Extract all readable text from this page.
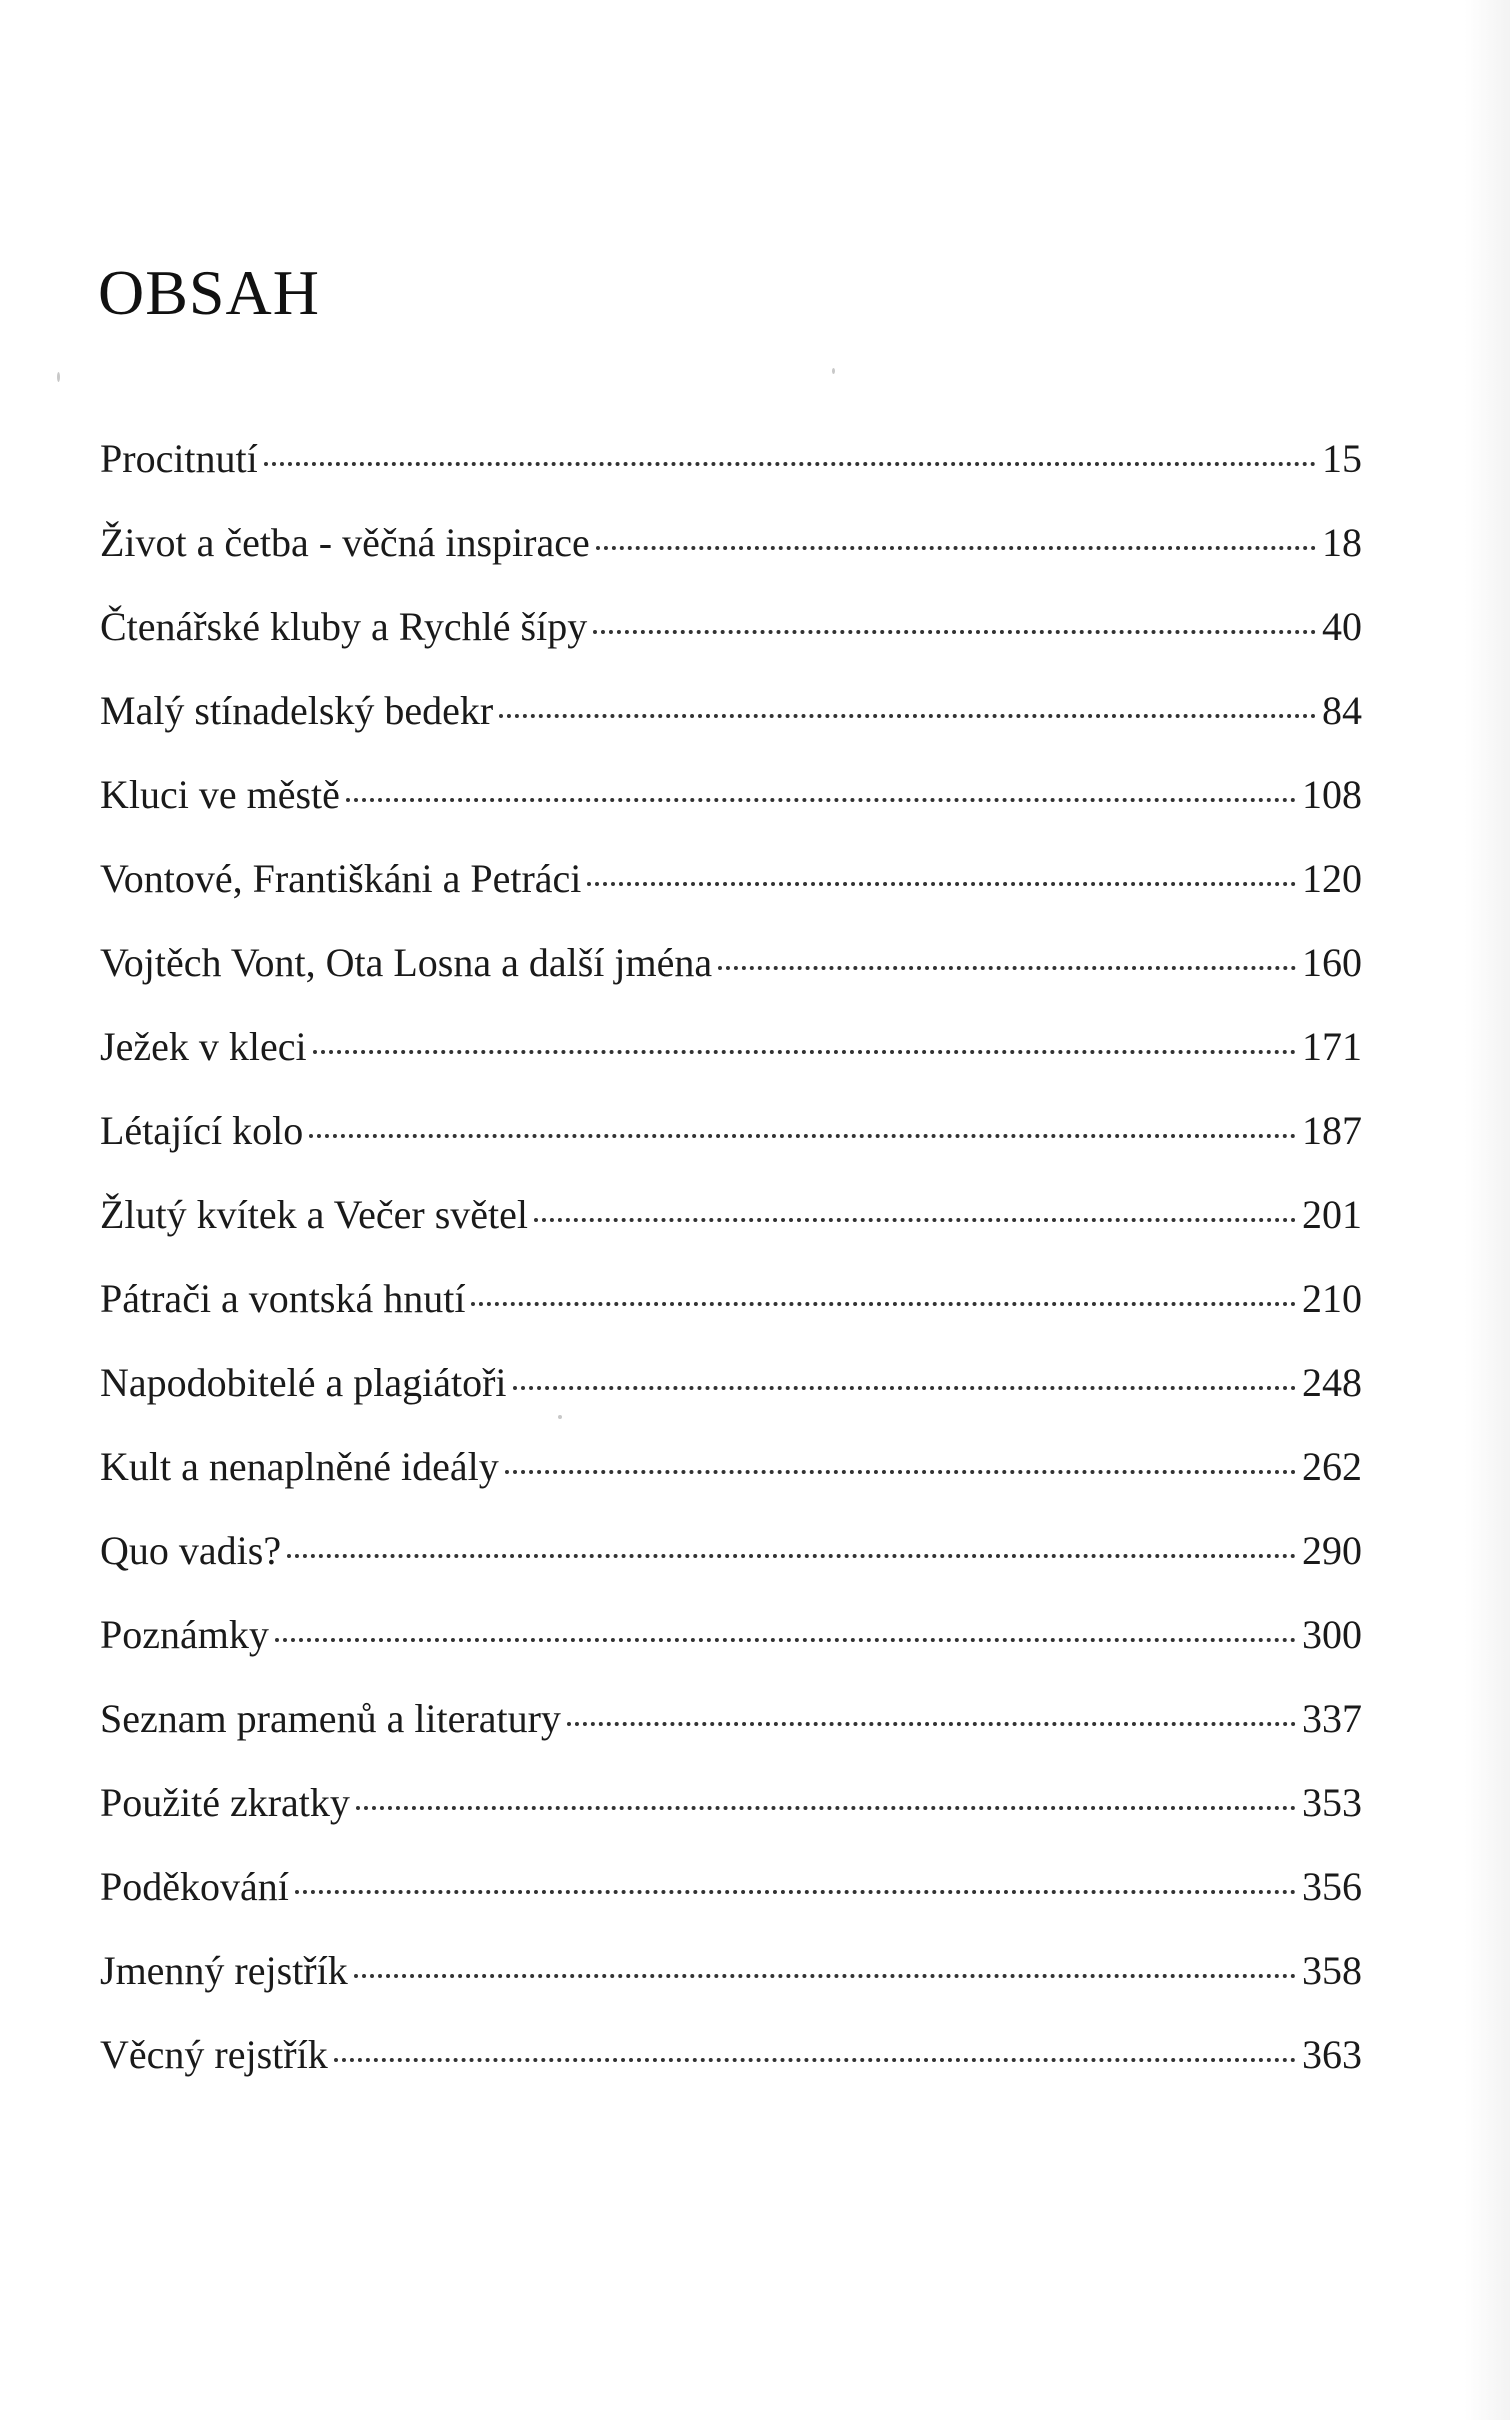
OBSAH
Procitnutí	15
Život a četba - věčná inspirace	18
Čtenářské kluby a Rychlé šípy	40
Malý stínadelský bedekr	84
Kluci ve městě	108
Vontové, Františkáni a Petráci	120
Vojtěch Vont, Ota Losna a další jména	160
Ježek v kleci	171
Létající kolo	187
Žlutý kvítek a Večer světel	201
Pátrači a vontská hnutí	210
Napodobitelé a plagiátoři	248
Kult a nenaplněné ideály	262
Quo vadis?	290
Poznámky	300
Seznam pramenů a literatury	337
Použité zkratky	353
Poděkování	356
Jmenný rejstřík	358
Věcný rejstřík	363
